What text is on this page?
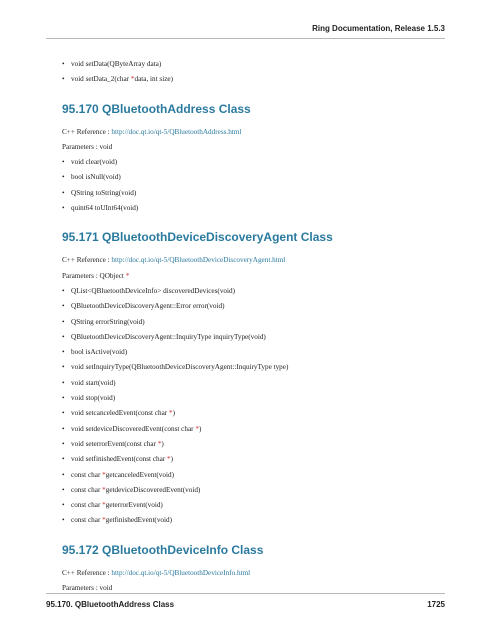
Ring Documentation, Release 1.5.3
• void setData(QByteArray data)
• void setData_2(char *data, int size)
95.170 QBluetoothAddress Class
C++ Reference : http://doc.qt.io/qt-5/QBluetoothAddress.html
Parameters : void
• void clear(void)
• bool isNull(void)
• QString toString(void)
• quint64 toUInt64(void)
95.171 QBluetoothDeviceDiscoveryAgent Class
C++ Reference : http://doc.qt.io/qt-5/QBluetoothDeviceDiscoveryAgent.html
Parameters : QObject *
• QList<QBluetoothDeviceInfo> discoveredDevices(void)
• QBluetoothDeviceDiscoveryAgent::Error error(void)
• QString errorString(void)
• QBluetoothDeviceDiscoveryAgent::InquiryType inquiryType(void)
• bool isActive(void)
• void setInquiryType(QBluetoothDeviceDiscoveryAgent::InquiryType type)
• void start(void)
• void stop(void)
• void setcanceledEvent(const char *)
• void setdeviceDiscoveredEvent(const char *)
• void seterrorEvent(const char *)
• void setfinishedEvent(const char *)
• const char *getcanceledEvent(void)
• const char *getdeviceDiscoveredEvent(void)
• const char *geterrorEvent(void)
• const char *getfinishedEvent(void)
95.172 QBluetoothDeviceInfo Class
C++ Reference : http://doc.qt.io/qt-5/QBluetoothDeviceInfo.html
Parameters : void
95.170. QBluetoothAddress Class	1725
